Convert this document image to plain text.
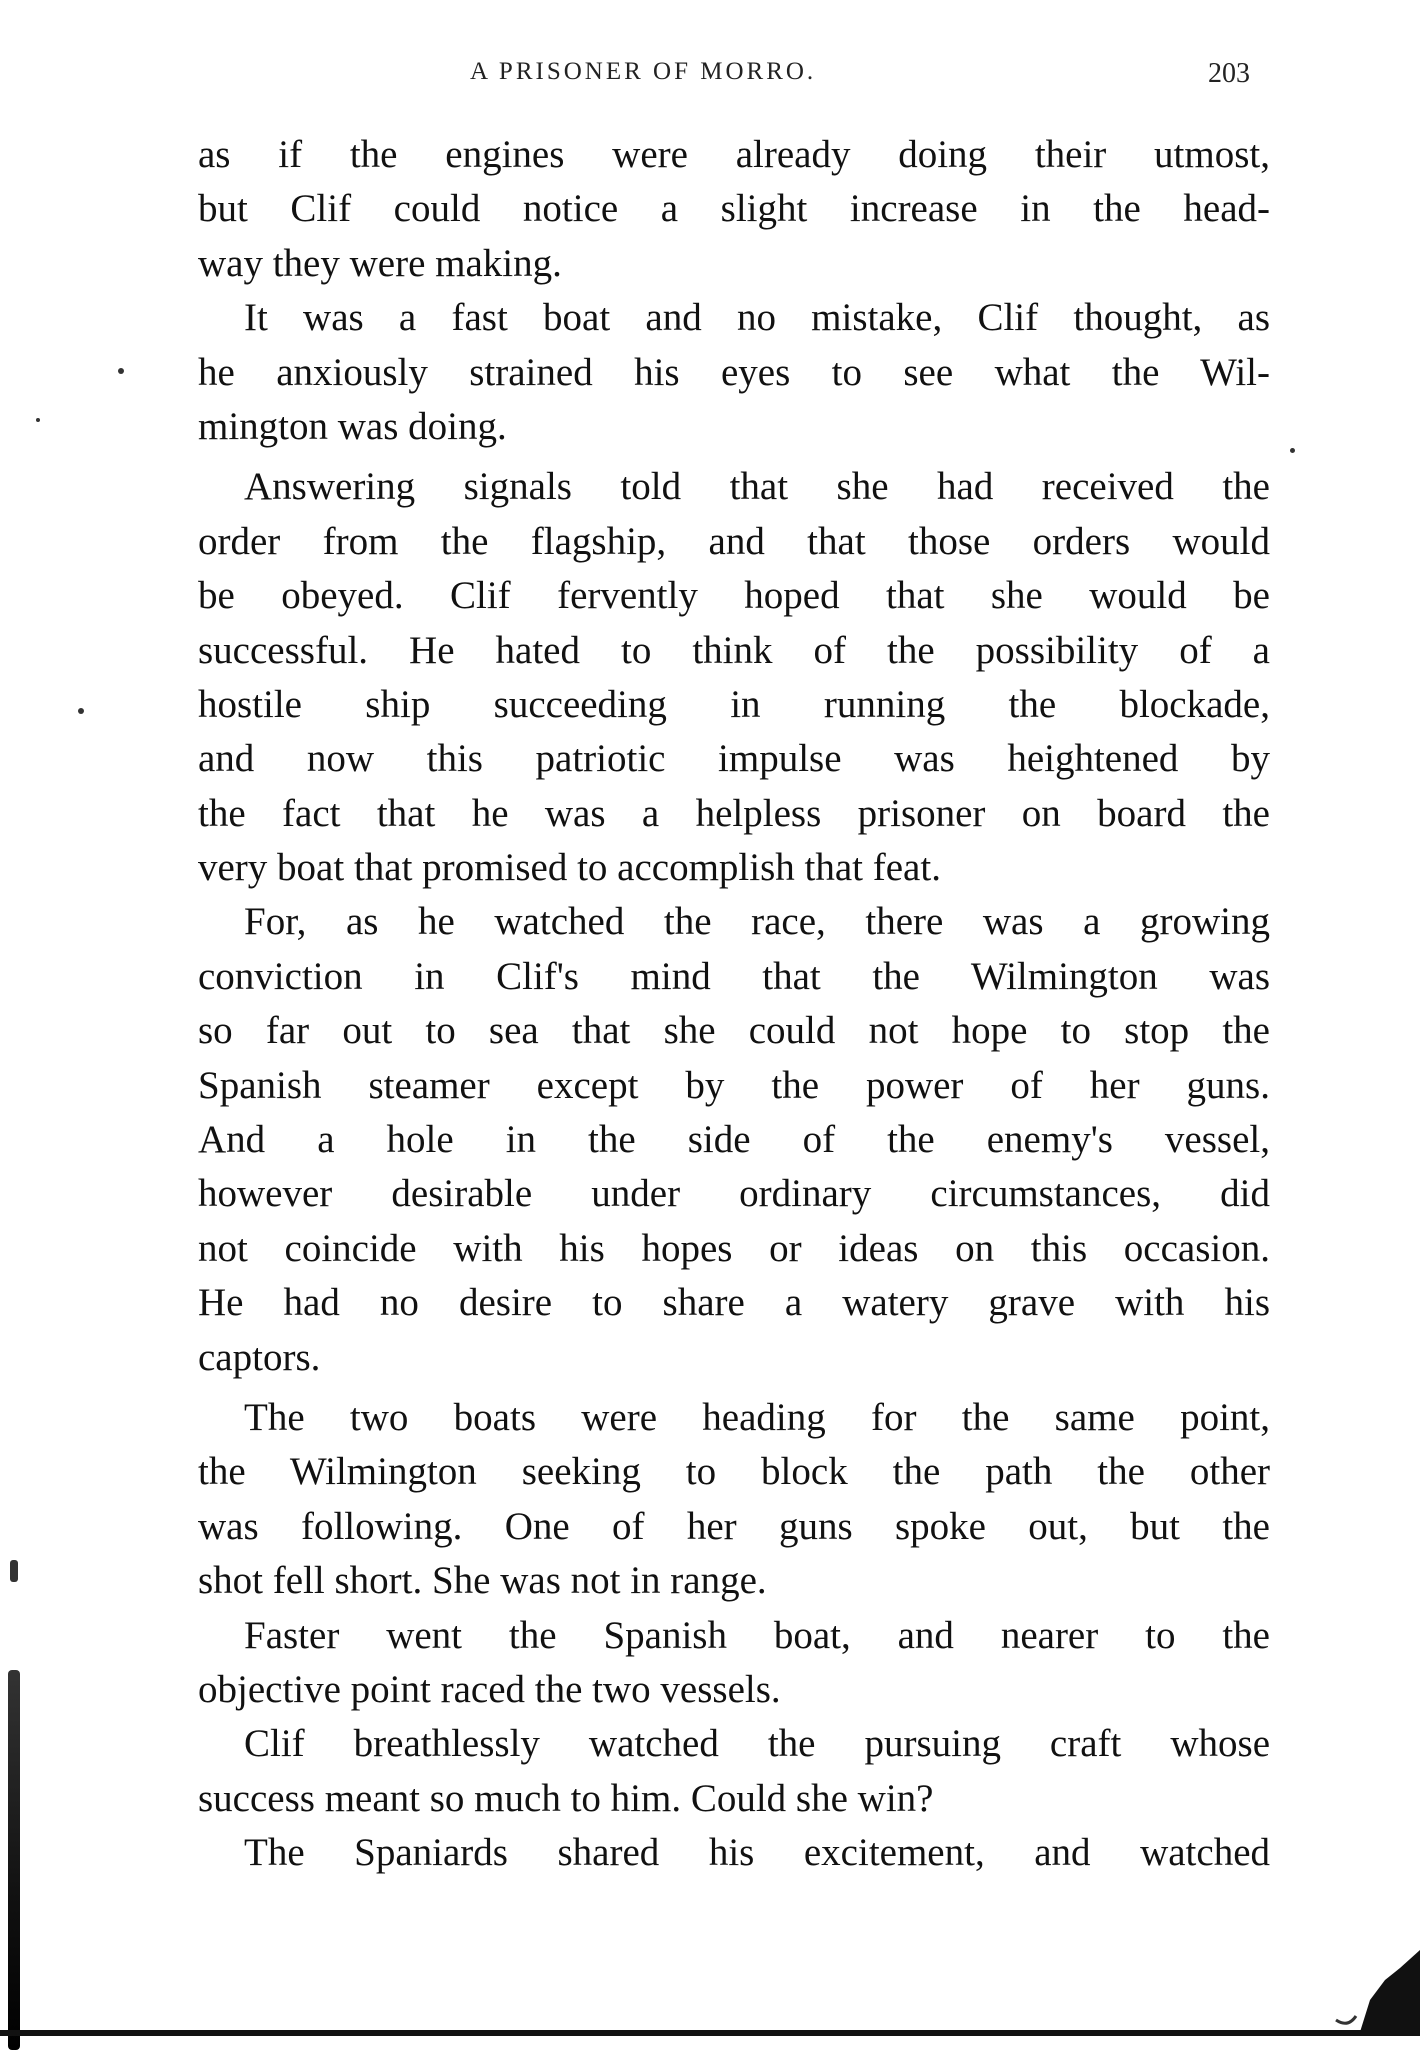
A PRISONER OF MORRO.	203
as if the engines were already doing their utmost,
but Clif could notice a slight increase in the head-
way they were making.
It was a fast boat and no mistake, Clif thought, as
he anxiously strained his eyes to see what the Wil-
mington was doing.
Answering signals told that she had received the
order from the flagship, and that those orders would
be obeyed. Clif fervently hoped that she would be
successful. He hated to think of the possibility of a
hostile ship succeeding in running the blockade,
and now this patriotic impulse was heightened by
the fact that he was a helpless prisoner on board the
very boat that promised to accomplish that feat.
For, as he watched the race, there was a growing
conviction in Clif's mind that the Wilmington was
so far out to sea that she could not hope to stop the
Spanish steamer except by the power of her guns.
And a hole in the side of the enemy's vessel,
however desirable under ordinary circumstances, did
not coincide with his hopes or ideas on this occasion.
He had no desire to share a watery grave with his
captors.
The two boats were heading for the same point,
the Wilmington seeking to block the path the other
was following. One of her guns spoke out, but the
shot fell short. She was not in range.
Faster went the Spanish boat, and nearer to the
objective point raced the two vessels.
Clif breathlessly watched the pursuing craft whose
success meant so much to him. Could she win?
The Spaniards shared his excitement, and watched
